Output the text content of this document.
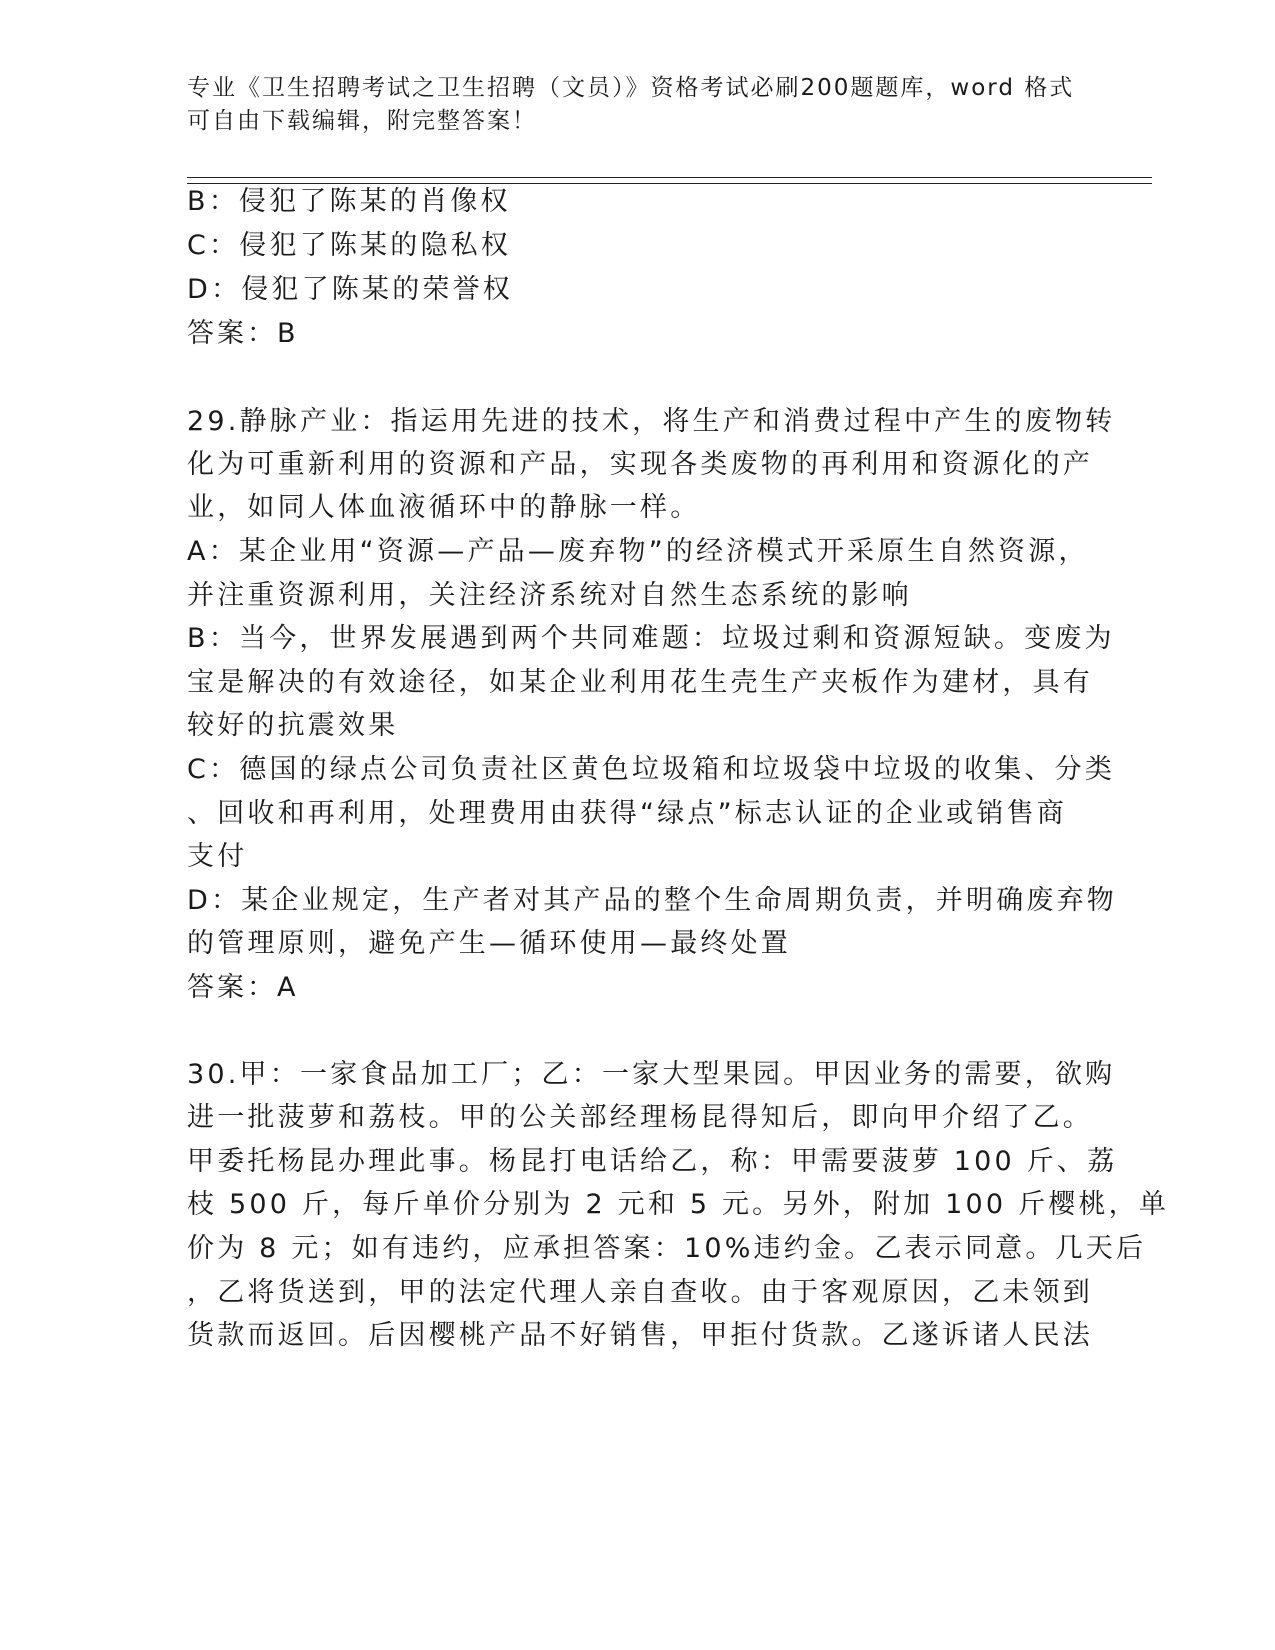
专业《卫生招聘考试之卫生招聘（文员）》资格考试必刷200题题库，word 格式
可自由下载编辑，附完整答案！
B：侵犯了陈某的肖像权
C：侵犯了陈某的隐私权
D：侵犯了陈某的荣誉权
答案：B
29.静脉产业：指运用先进的技术，将生产和消费过程中产生的废物转
化为可重新利用的资源和产品，实现各类废物的再利用和资源化的产
业，如同人体血液循环中的静脉一样。
A：某企业用“资源—产品—废弃物”的经济模式开采原生自然资源，
并注重资源利用，关注经济系统对自然生态系统的影响
B：当今，世界发展遇到两个共同难题：垃圾过剩和资源短缺。变废为
宝是解决的有效途径，如某企业利用花生壳生产夹板作为建材，具有
较好的抗震效果
C：德国的绿点公司负责社区黄色垃圾箱和垃圾袋中垃圾的收集、分类
、回收和再利用，处理费用由获得“绿点”标志认证的企业或销售商
支付
D：某企业规定，生产者对其产品的整个生命周期负责，并明确废弃物
的管理原则，避免产生—循环使用—最终处置
答案：A
30.甲：一家食品加工厂；乙：一家大型果园。甲因业务的需要，欲购
进一批菠萝和荔枝。甲的公关部经理杨昆得知后，即向甲介绍了乙。
甲委托杨昆办理此事。杨昆打电话给乙，称：甲需要菠萝 100 斤、荔
枝 500 斤，每斤单价分别为 2 元和 5 元。另外，附加 100 斤樱桃，单
价为 8 元；如有违约，应承担答案：10%违约金。乙表示同意。几天后
，乙将货送到，甲的法定代理人亲自查收。由于客观原因，乙未领到
货款而返回。后因樱桃产品不好销售，甲拒付货款。乙遂诉诸人民法
